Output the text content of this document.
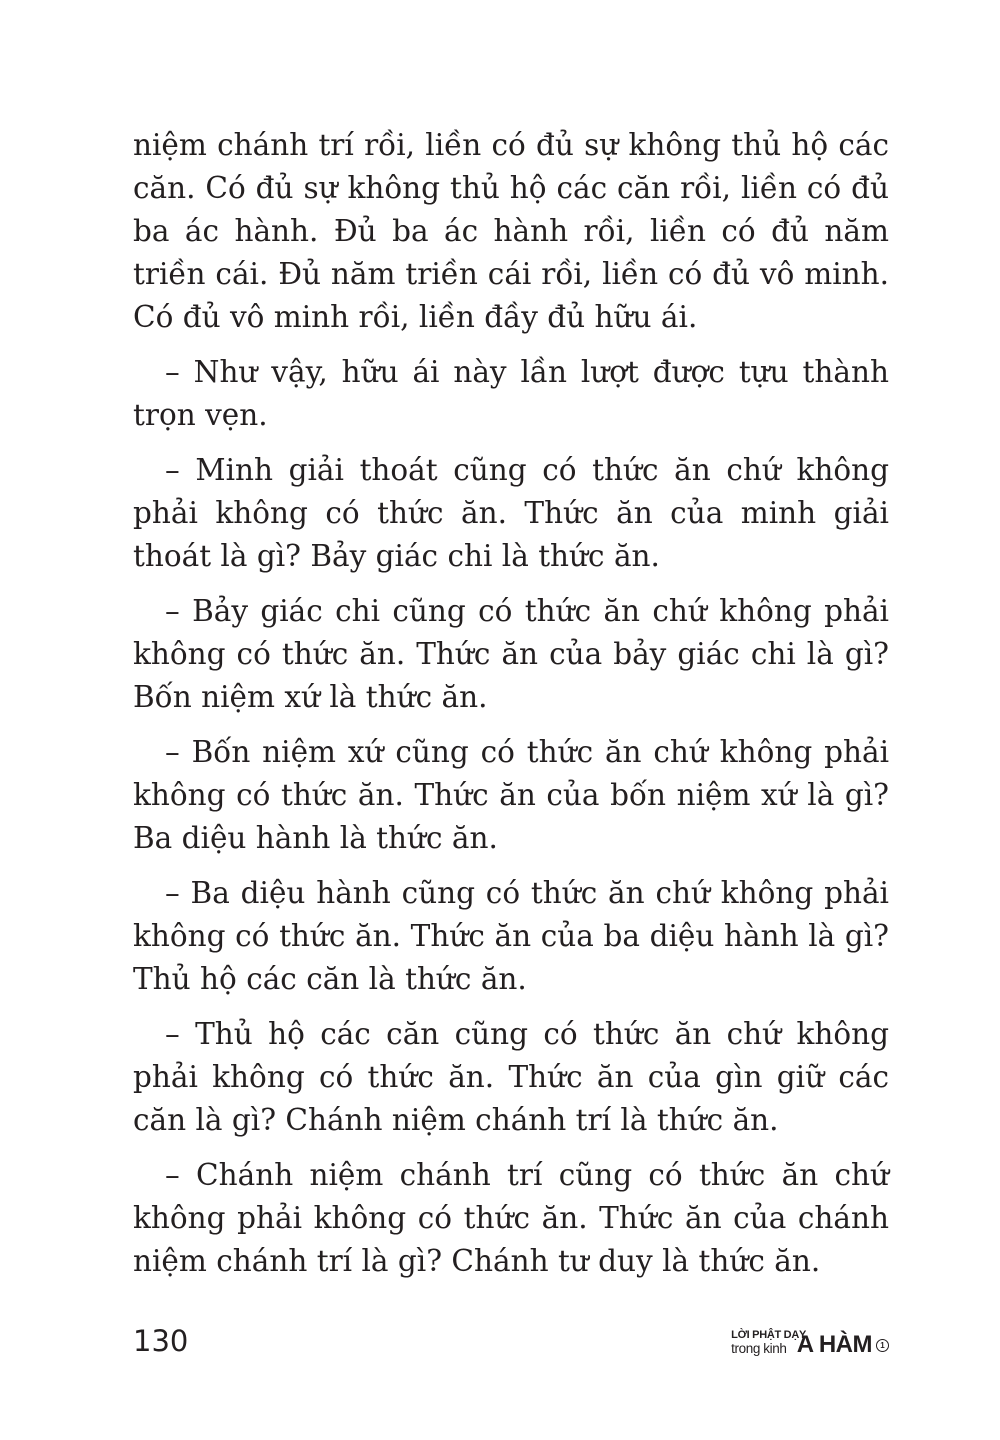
niệm chánh trí rồi, liền có đủ sự không thủ hộ các căn. Có đủ sự không thủ hộ các căn rồi, liền có đủ ba ác hành. Đủ ba ác hành rồi, liền có đủ năm triền cái. Đủ năm triền cái rồi, liền có đủ vô minh. Có đủ vô minh rồi, liền đầy đủ hữu ái.

– Như vậy, hữu ái này lần lượt được tựu thành trọn vẹn.

– Minh giải thoát cũng có thức ăn chứ không phải không có thức ăn. Thức ăn của minh giải thoát là gì? Bảy giác chi là thức ăn.

– Bảy giác chi cũng có thức ăn chứ không phải không có thức ăn. Thức ăn của bảy giác chi là gì? Bốn niệm xứ là thức ăn.

– Bốn niệm xứ cũng có thức ăn chứ không phải không có thức ăn. Thức ăn của bốn niệm xứ là gì? Ba diệu hành là thức ăn.

– Ba diệu hành cũng có thức ăn chứ không phải không có thức ăn. Thức ăn của ba diệu hành là gì? Thủ hộ các căn là thức ăn.

– Thủ hộ các căn cũng có thức ăn chứ không phải không có thức ăn. Thức ăn của gìn giữ các căn là gì? Chánh niệm chánh trí là thức ăn.

– Chánh niệm chánh trí cũng có thức ăn chứ không phải không có thức ăn. Thức ăn của chánh niệm chánh trí là gì? Chánh tư duy là thức ăn.

130	LỜI PHẬT DẠY
trong kinh A HÀM	1
